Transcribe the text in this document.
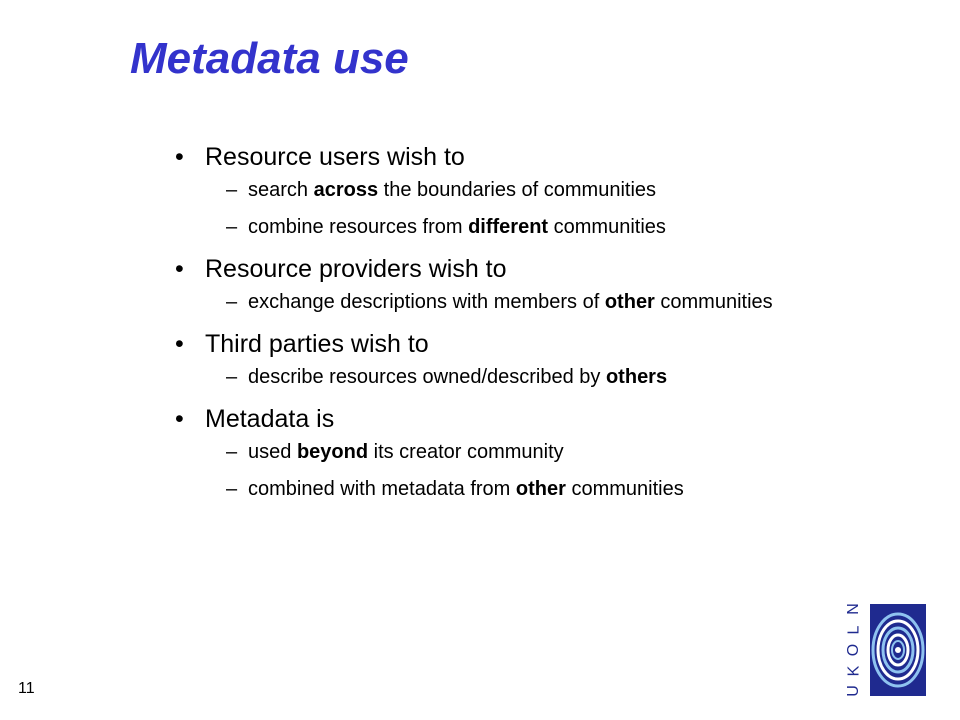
Metadata use
• Resource users wish to
– search across the boundaries of communities
– combine resources from different communities
• Resource providers wish to
– exchange descriptions with members of other communities
• Third parties wish to
– describe resources owned/described by others
• Metadata is
– used beyond its creator community
– combined with metadata from other communities
11
N
L
O
K
U
